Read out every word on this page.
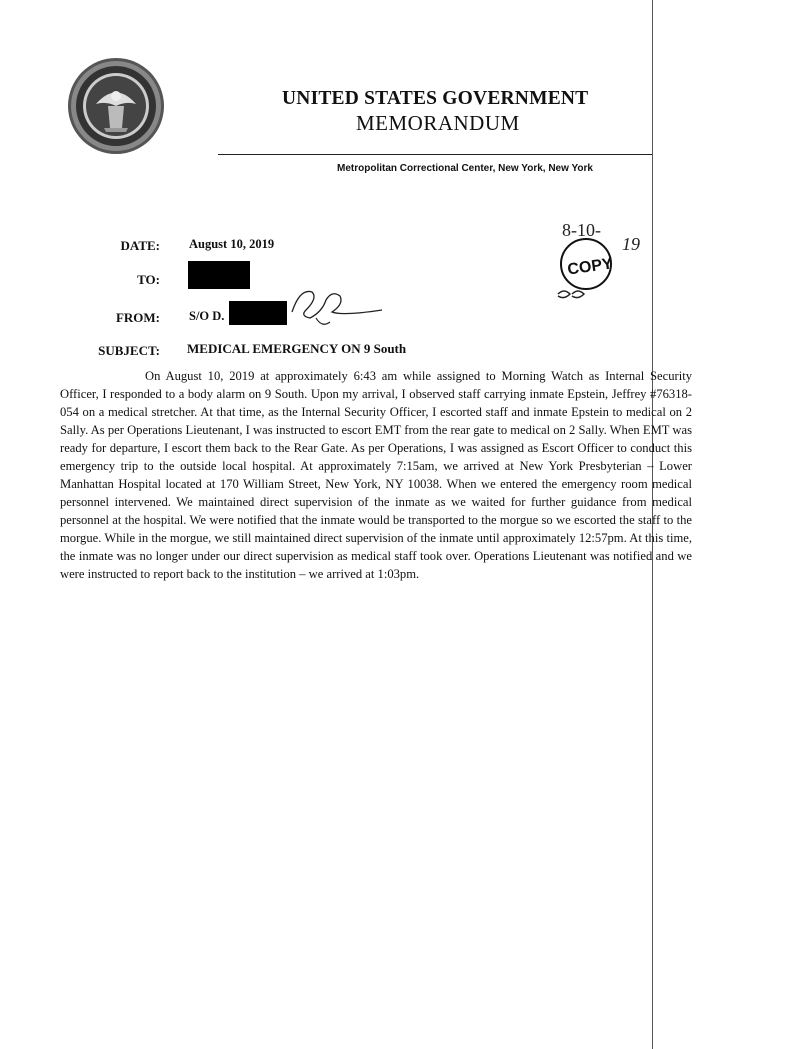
UNITED STATES GOVERNMENT
MEMORANDUM
Metropolitan Correctional Center, New York, New York
8-10-
19
COPY
DATE: August 10, 2019
TO:
FROM: S/O D.
SUBJECT: MEDICAL EMERGENCY ON 9 South
On August 10, 2019 at approximately 6:43 am while assigned to Morning Watch as Internal Security Officer, I responded to a body alarm on 9 South. Upon my arrival, I observed staff carrying inmate Epstein, Jeffrey #76318-054 on a medical stretcher. At that time, as the Internal Security Officer, I escorted staff and inmate Epstein to medical on 2 Sally. As per Operations Lieutenant, I was instructed to escort EMT from the rear gate to medical on 2 Sally. When EMT was ready for departure, I escort them back to the Rear Gate. As per Operations, I was assigned as Escort Officer to conduct this emergency trip to the outside local hospital. At approximately 7:15am, we arrived at New York Presbyterian – Lower Manhattan Hospital located at 170 William Street, New York, NY 10038. When we entered the emergency room medical personnel intervened. We maintained direct supervision of the inmate as we waited for further guidance from medical personnel at the hospital. We were notified that the inmate would be transported to the morgue so we escorted the staff to the morgue. While in the morgue, we still maintained direct supervision of the inmate until approximately 12:57pm. At this time, the inmate was no longer under our direct supervision as medical staff took over. Operations Lieutenant was notified and we were instructed to report back to the institution – we arrived at 1:03pm.
